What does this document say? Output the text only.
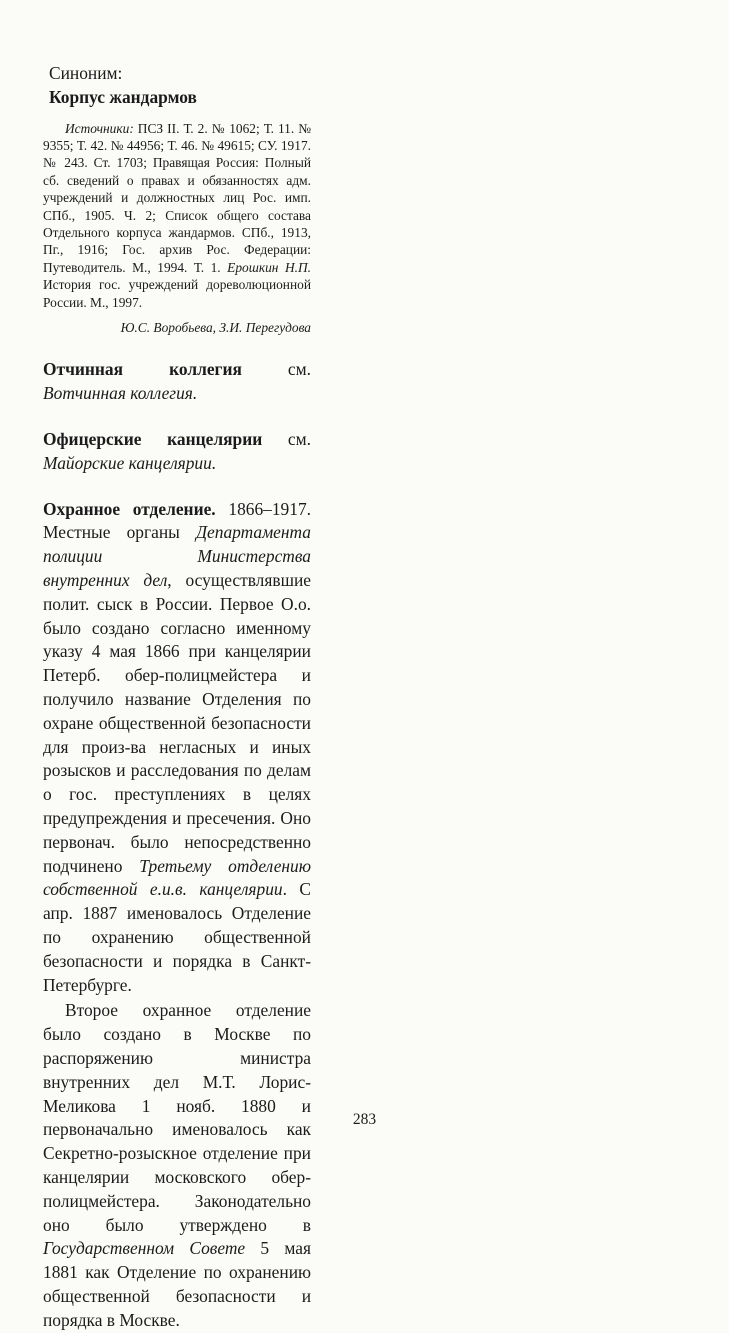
Синоним:

Корпус жандармов

Источники: ПСЗ II. Т. 2. № 1062; Т. 11. № 9355; Т. 42. № 44956; Т. 46. № 49615; СУ. 1917. № 243. Ст. 1703; Правящая Россия: Полный сб. сведений о правах и обязанностях адм. учреждений и должностных лиц Рос. имп. СПб., 1905. Ч. 2; Список общего состава Отдельного корпуса жандармов. СПб., 1913, Пг., 1916; Гос. архив Рос. Федерации: Путеводитель. М., 1994. Т. 1. Ерошкин Н.П. История гос. учреждений дореволюционной России. М., 1997.

Ю.С. Воробьева, З.И. Перегудова

Отчинная коллегия см. Вотчинная коллегия.

Офицерские канцелярии см. Майорские канцелярии.

Охранное отделение. 1866–1917. Местные органы Департамента полиции Министерства внутренних дел, осуществлявшие полит. сыск в России. Первое О.о. было создано согласно именному указу 4 мая 1866 при канцелярии Петерб. обер-полицмейстера и получило название Отделения по охране общественной безопасности для произ-ва негласных и иных розысков и расследования по делам о гос. преступлениях в целях предупреждения и пресечения. Оно первонач. было непосредственно подчинено Третьему отделению собственной е.и.в. канцелярии. С апр. 1887 именовалось Отделение по охранению общественной безопасности и порядка в Санкт-Петербурге.

Второе охранное отделение было создано в Москве по распоряжению министра внутренних дел М.Т. Лорис-Меликова 1 нояб. 1880 и первоначально именовалось как Секретно-розыскное отделение при канцелярии московского обер-полицмейстера. Законодательно оно было утверждено в Государственном Совете 5 мая 1881 как Отделение по охранению общественной безопасности и порядка в Москве.

283
